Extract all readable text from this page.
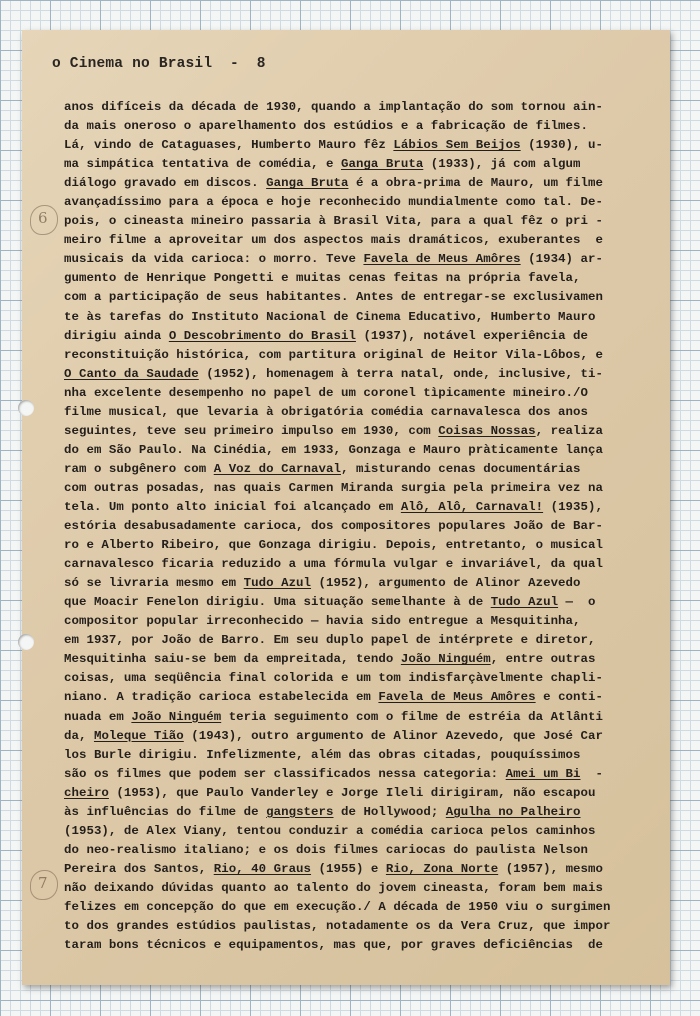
6
7
o Cinema no Brasil  -  8
anos difíceis da década de 1930, quando a implantação do som tornou ain-
da mais oneroso o aparelhamento dos estúdios e a fabricação de filmes.
Lá, vindo de Cataguases, Humberto Mauro fêz Lábios Sem Beijos (1930), u-
ma simpática tentativa de comédia, e Ganga Bruta (1933), já com algum
diálogo gravado em discos. Ganga Bruta é a obra-prima de Mauro, um filme
avançadíssimo para a época e hoje reconhecido mundialmente como tal. De-
pois, o cineasta mineiro passaria à Brasil Vita, para a qual fêz o pri -
meiro filme a aproveitar um dos aspectos mais dramáticos, exuberantes  e
musicais da vida carioca: o morro. Teve Favela de Meus Amôres (1934) ar-
gumento de Henrique Pongetti e muitas cenas feitas na própria favela,
com a participação de seus habitantes. Antes de entregar-se exclusivamen
te às tarefas do Instituto Nacional de Cinema Educativo, Humberto Mauro
dirigiu ainda O Descobrimento do Brasil (1937), notável experiência de
reconstituição histórica, com partitura original de Heitor Vila-Lôbos, e
O Canto da Saudade (1952), homenagem à terra natal, onde, inclusive, ti-
nha excelente desempenho no papel de um coronel tìpicamente mineiro./O
filme musical, que levaria à obrigatória comédia carnavalesca dos anos
seguintes, teve seu primeiro impulso em 1930, com Coisas Nossas, realiza
do em São Paulo. Na Cinédia, em 1933, Gonzaga e Mauro pràticamente lança
ram o subgênero com A Voz do Carnaval, misturando cenas documentárias
com outras posadas, nas quais Carmen Miranda surgia pela primeira vez na
tela. Um ponto alto inicial foi alcançado em Alô, Alô, Carnaval! (1935),
estória desabusadamente carioca, dos compositores populares João de Bar-
ro e Alberto Ribeiro, que Gonzaga dirigiu. Depois, entretanto, o musical
carnavalesco ficaria reduzido a uma fórmula vulgar e invariável, da qual
só se livraria mesmo em Tudo Azul (1952), argumento de Alinor Azevedo
que Moacir Fenelon dirigiu. Uma situação semelhante à de Tudo Azul —  o
compositor popular irreconhecido — havia sido entregue a Mesquitinha,
em 1937, por João de Barro. Em seu duplo papel de intérprete e diretor,
Mesquitinha saiu-se bem da empreitada, tendo João Ninguém, entre outras
coisas, uma seqüência final colorida e um tom indisfarçàvelmente chapli-
niano. A tradição carioca estabelecida em Favela de Meus Amôres e conti-
nuada em João Ninguém teria seguimento com o filme de estréia da Atlânti
da, Moleque Tião (1943), outro argumento de Alinor Azevedo, que José Car
los Burle dirigiu. Infelizmente, além das obras citadas, pouquíssimos
são os filmes que podem ser classificados nessa categoria: Amei um Bi  -
cheiro (1953), que Paulo Vanderley e Jorge Ileli dirigiram, não escapou
às influências do filme de gangsters de Hollywood; Agulha no Palheiro
(1953), de Alex Viany, tentou conduzir a comédia carioca pelos caminhos
do neo-realismo italiano; e os dois filmes cariocas do paulista Nelson
Pereira dos Santos, Rio, 40 Graus (1955) e Rio, Zona Norte (1957), mesmo
não deixando dúvidas quanto ao talento do jovem cineasta, foram bem mais
felizes em concepção do que em execução./ A década de 1950 viu o surgimen
to dos grandes estúdios paulistas, notadamente os da Vera Cruz, que impor
taram bons técnicos e equipamentos, mas que, por graves deficiências  de
